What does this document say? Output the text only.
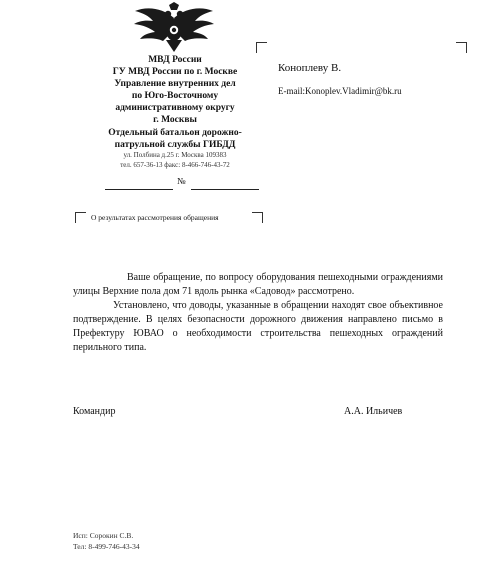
МВД России
ГУ МВД России по г. Москве
Управление внутренних дел
по Юго-Восточному
административному округу
г. Москвы
Отдельный батальон дорожно-
патрульной службы ГИБДД
ул. Полбина д.25 г. Москва 109383
тел. 657-36-13 факс: 8-466-746-43-72
№
Коноплеву В.
E-mail:Konoplev.Vladimir@bk.ru
О результатах рассмотрения обращения

Ваше обращение, по вопросу оборудования пешеходными ограждениями улицы Верхние пола дом 71 вдоль рынка «Садовод» рассмотрено.

Установлено, что доводы, указанные в обращении находят свое объективное подтверждение. В целях безопасности дорожного движения направлено письмо в Префектуру ЮВАО о необходимости строительства пешеходных ограждений перильного типа.

Командир	А.А. Ильичев
Исп: Сорокин С.В.
Тел: 8-499-746-43-34
